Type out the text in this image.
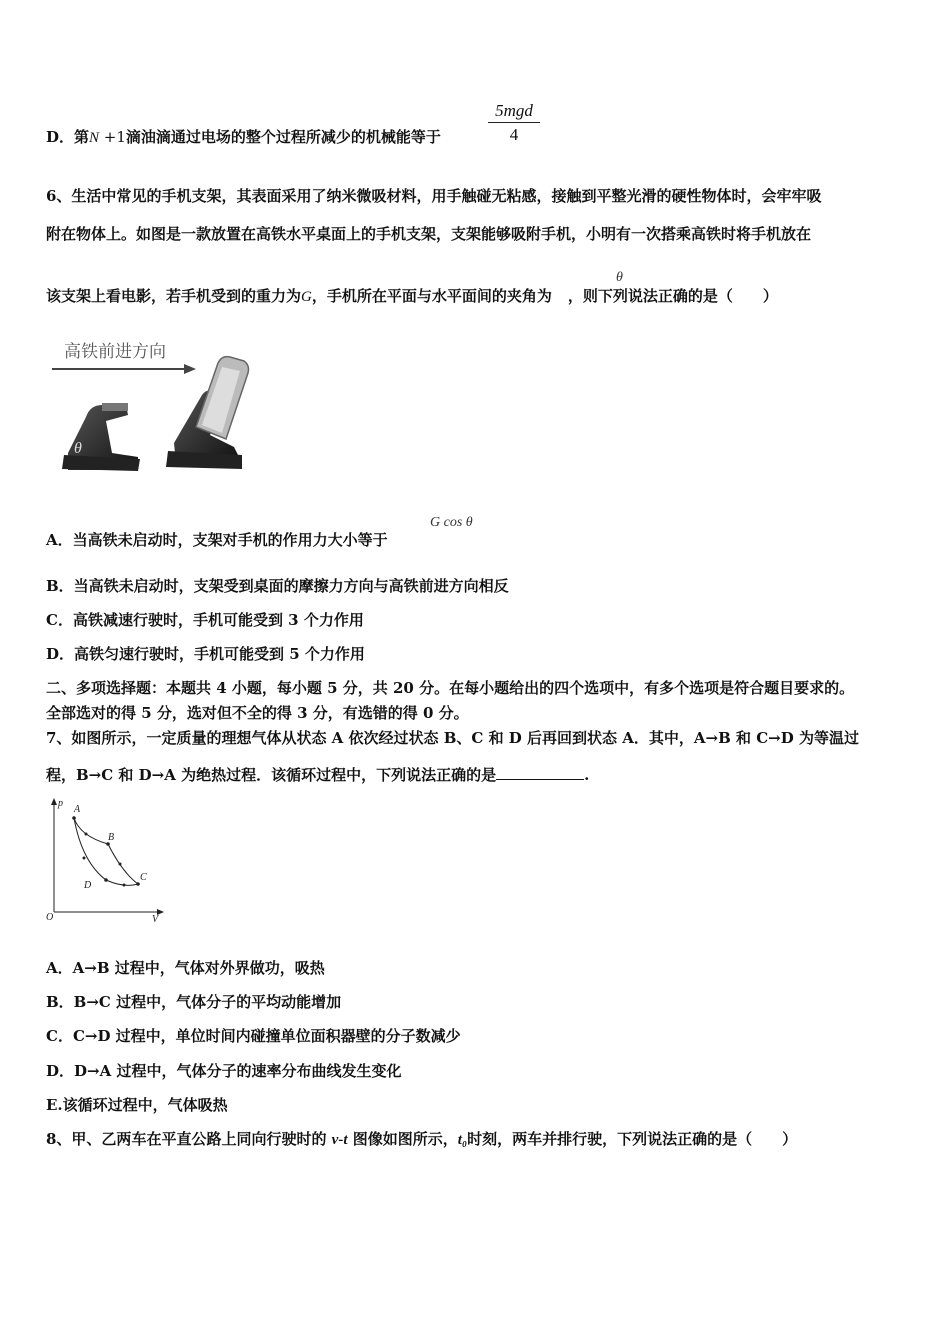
D．第N +1滴油滴通过电场的整个过程所减少的机械能等于
5mgd
4
6、生活中常见的手机支架，其表面采用了纳米微吸材料，用手触碰无粘感，接触到平整光滑的硬性物体时，会牢牢吸
附在物体上。如图是一款放置在高铁水平桌面上的手机支架，支架能够吸附手机，小明有一次搭乘高铁时将手机放在
该支架上看电影，若手机受到的重力为G，手机所在平面与水平面间的夹角为 ，则下列说法正确的是（　　）
θ
高铁前进方向
θ
A．当高铁未启动时，支架对手机的作用力大小等于
G cos θ
B．当高铁未启动时，支架受到桌面的摩擦力方向与高铁前进方向相反
C．高铁减速行驶时，手机可能受到 3 个力作用
D．高铁匀速行驶时，手机可能受到 5 个力作用
二、多项选择题：本题共 4 小题，每小题 5 分，共 20 分。在每小题给出的四个选项中，有多个选项是符合题目要求的。
全部选对的得 5 分，选对但不全的得 3 分，有选错的得 0 分。
7、如图所示，一定质量的理想气体从状态 A 依次经过状态 B、C 和 D 后再回到状态 A．其中，A→B 和 C→D 为等温过
程，B→C 和 D→A 为绝热过程．该循环过程中，下列说法正确的是	.
p
V
O
A
B
C
D
A．A→B 过程中，气体对外界做功，吸热
B．B→C 过程中，气体分子的平均动能增加
C．C→D 过程中，单位时间内碰撞单位面积器壁的分子数减少
D．D→A 过程中，气体分子的速率分布曲线发生变化
E.该循环过程中，气体吸热
8、甲、乙两车在平直公路上同向行驶时的 v-t 图像如图所示，t₀时刻，两车并排行驶，下列说法正确的是（　　）
